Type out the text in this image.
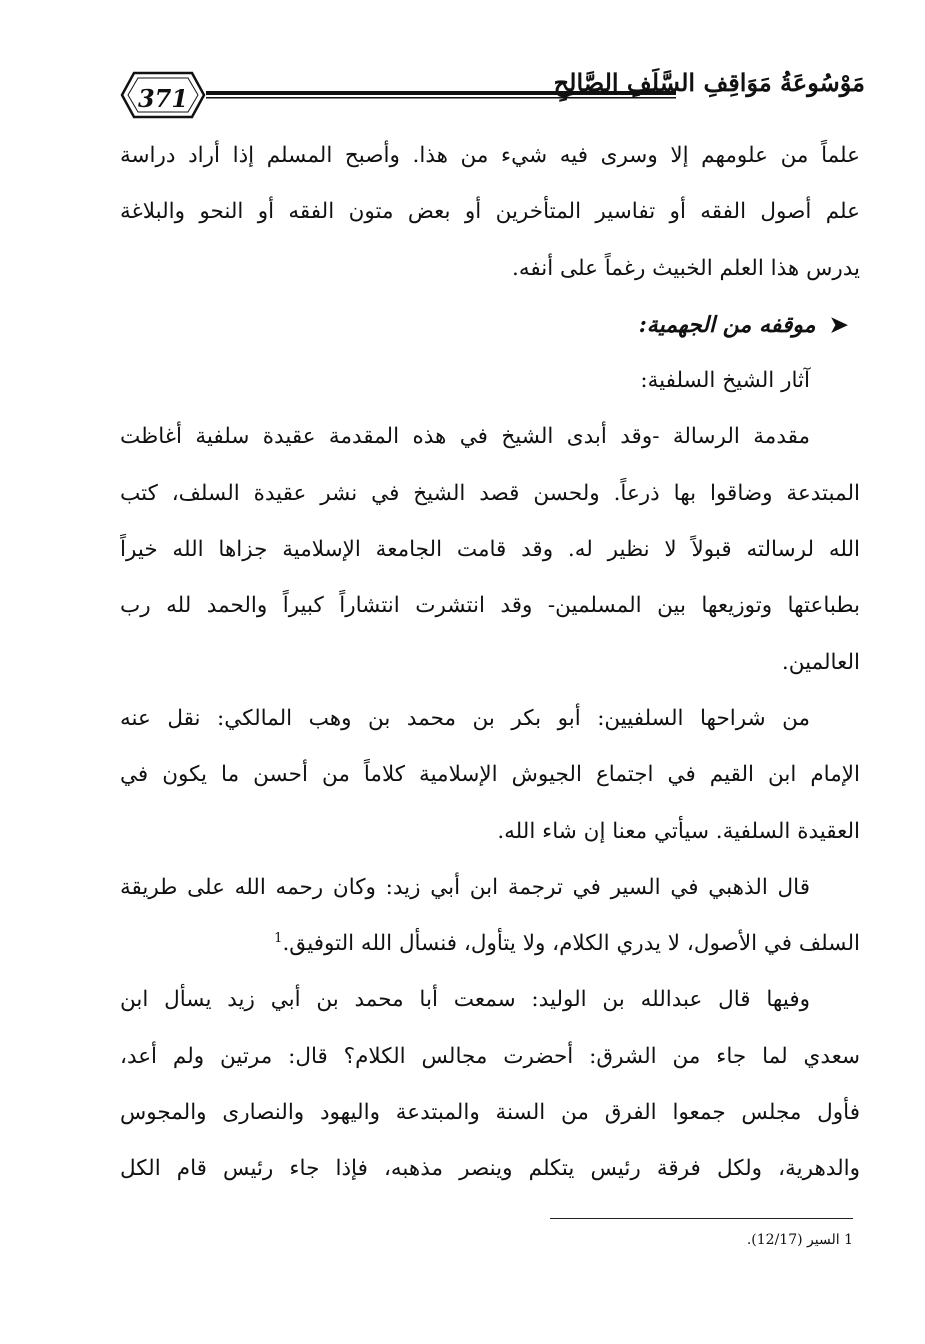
371
مَوْسُوعَةُ مَوَاقِفِ السَّلَفِ الصَّالِحِ
علماً من علومهم إلا وسرى فيه شيء من هذا. وأصبح المسلم إذا أراد دراسة
علم أصول الفقه أو تفاسير المتأخرين أو بعض متون الفقه أو النحو والبلاغة
يدرس هذا العلم الخبيث رغماً على أنفه.
➤موقفه من الجهمية:
آثار الشيخ السلفية:
مقدمة الرسالة -وقد أبدى الشيخ في هذه المقدمة عقيدة سلفية أغاظت
المبتدعة وضاقوا بها ذرعاً. ولحسن قصد الشيخ في نشر عقيدة السلف، كتب
الله لرسالته قبولاً لا نظير له. وقد قامت الجامعة الإسلامية جزاها الله خيراً
بطباعتها وتوزيعها بين المسلمين- وقد انتشرت انتشاراً كبيراً والحمد لله رب
العالمين.
من شراحها السلفيين: أبو بكر بن محمد بن وهب المالكي: نقل عنه
الإمام ابن القيم في اجتماع الجيوش الإسلامية كلاماً من أحسن ما يكون في
العقيدة السلفية. سيأتي معنا إن شاء الله.
قال الذهبي في السير في ترجمة ابن أبي زيد: وكان رحمه الله على طريقة
السلف في الأصول، لا يدري الكلام، ولا يتأول، فنسأل الله التوفيق.$^1$
وفيها قال عبدالله بن الوليد: سمعت أبا محمد بن أبي زيد يسأل ابن
سعدي لما جاء من الشرق: أحضرت مجالس الكلام؟ قال: مرتين ولم أعد،
فأول مجلس جمعوا الفرق من السنة والمبتدعة واليهود والنصارى والمجوس
والدهرية، ولكل فرقة رئيس يتكلم وينصر مذهبه، فإذا جاء رئيس قام الكل
1 السير (12/17).
